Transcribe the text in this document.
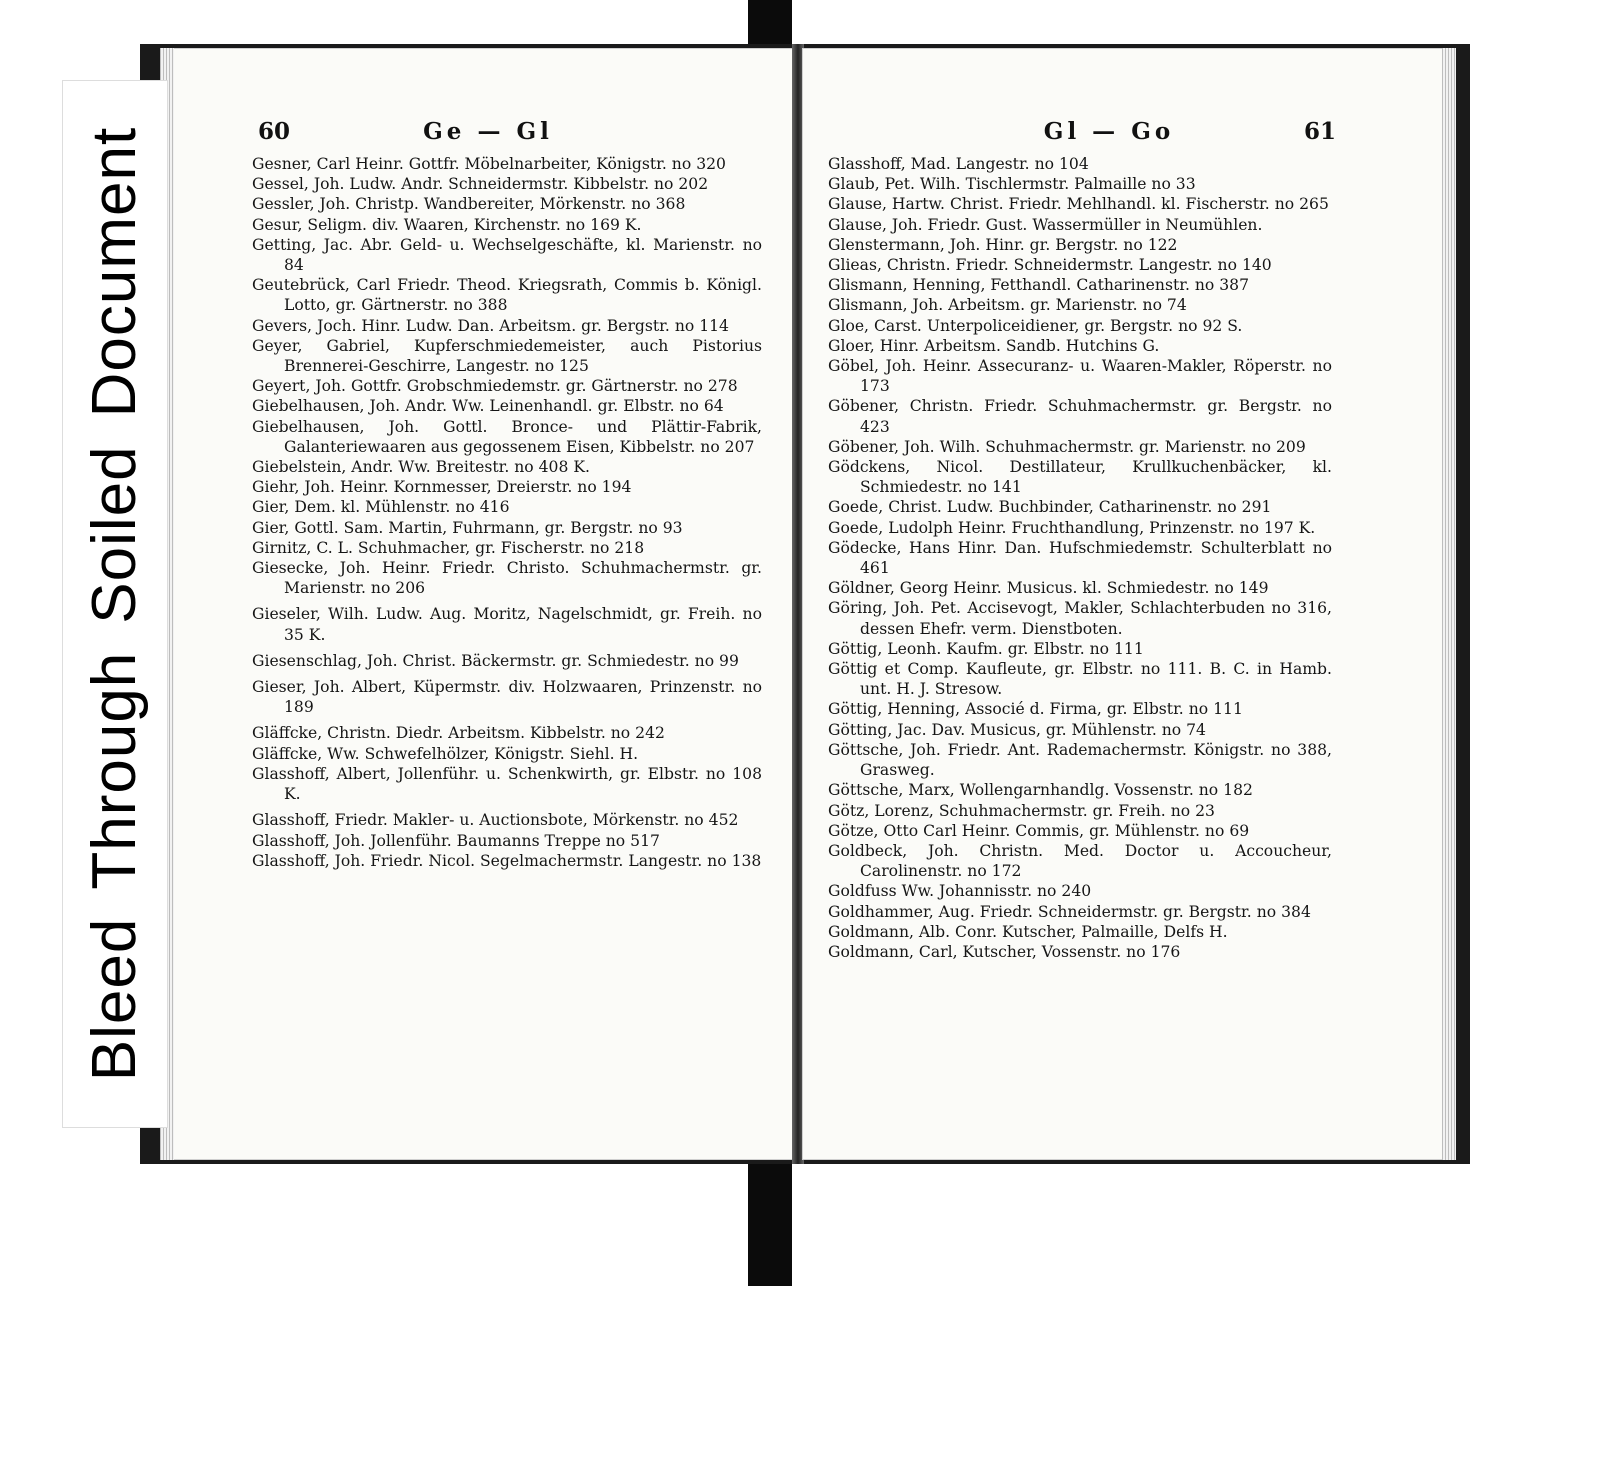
60	Ge — Gl
Gesner, Carl Heinr. Gottfr. Möbelnarbeiter, Königstr. no 320
Gessel, Joh. Ludw. Andr. Schneidermstr. Kibbelstr. no 202
Gessler, Joh. Christp. Wandbereiter, Mörkenstr. no 368
Gesur, Seligm. div. Waaren, Kirchenstr. no 169 K.
Getting, Jac. Abr. Geld- u. Wechselgeschäfte, kl. Marienstr. no 84
Geutebrück, Carl Friedr. Theod. Kriegsrath, Commis b. Königl. Lotto, gr. Gärtnerstr. no 388
Gevers, Joch. Hinr. Ludw. Dan. Arbeitsm. gr. Bergstr. no 114
Geyer, Gabriel, Kupferschmiedemeister, auch Pistorius Brennerei-Geschirre, Langestr. no 125
Geyert, Joh. Gottfr. Grobschmiedemstr. gr. Gärtnerstr. no 278
Giebelhausen, Joh. Andr. Ww. Leinenhandl. gr. Elbstr. no 64
Giebelhausen, Joh. Gottl. Bronce- und Plättir-Fabrik, Galanteriewaaren aus gegossenem Eisen, Kibbelstr. no 207
Giebelstein, Andr. Ww. Breitestr. no 408 K.
Giehr, Joh. Heinr. Kornmesser, Dreierstr. no 194
Gier, Dem. kl. Mühlenstr. no 416
Gier, Gottl. Sam. Martin, Fuhrmann, gr. Bergstr. no 93
Girnitz, C. L. Schuhmacher, gr. Fischerstr. no 218
Giesecke, Joh. Heinr. Friedr. Christo. Schuhmachermstr. gr. Marienstr. no 206
Gieseler, Wilh. Ludw. Aug. Moritz, Nagelschmidt, gr. Freih. no 35 K.
Giesenschlag, Joh. Christ. Bäckermstr. gr. Schmiedestr. no 99
Gieser, Joh. Albert, Küpermstr. div. Holzwaaren, Prinzenstr. no 189
Gläffcke, Christn. Diedr. Arbeitsm. Kibbelstr. no 242
Gläffcke, Ww. Schwefelhölzer, Königstr. Siehl. H.
Glasshoff, Albert, Jollenführ. u. Schenkwirth, gr. Elbstr. no 108 K.
Glasshoff, Friedr. Makler- u. Auctionsbote, Mörkenstr. no 452
Glasshoff, Joh. Jollenführ. Baumanns Treppe no 517
Glasshoff, Joh. Friedr. Nicol. Segelmachermstr. Langestr. no 138
Gl — Go	61
Glasshoff, Mad. Langestr. no 104
Glaub, Pet. Wilh. Tischlermstr. Palmaille no 33
Glause, Hartw. Christ. Friedr. Mehlhandl. kl. Fischerstr. no 265
Glause, Joh. Friedr. Gust. Wassermüller in Neumühlen.
Glenstermann, Joh. Hinr. gr. Bergstr. no 122
Glieas, Christn. Friedr. Schneidermstr. Langestr. no 140
Glismann, Henning, Fetthandl. Catharinenstr. no 387
Glismann, Joh. Arbeitsm. gr. Marienstr. no 74
Gloe, Carst. Unterpoliceidiener, gr. Bergstr. no 92 S.
Gloer, Hinr. Arbeitsm. Sandb. Hutchins G.
Göbel, Joh. Heinr. Assecuranz- u. Waaren-Makler, Röperstr. no 173
Göbener, Christn. Friedr. Schuhmachermstr. gr. Bergstr. no 423
Göbener, Joh. Wilh. Schuhmachermstr. gr. Marienstr. no 209
Gödckens, Nicol. Destillateur, Krullkuchenbäcker, kl. Schmiedestr. no 141
Goede, Christ. Ludw. Buchbinder, Catharinenstr. no 291
Goede, Ludolph Heinr. Fruchthandlung, Prinzenstr. no 197 K.
Gödecke, Hans Hinr. Dan. Hufschmiedemstr. Schulterblatt no 461
Göldner, Georg Heinr. Musicus. kl. Schmiedestr. no 149
Göring, Joh. Pet. Accisevogt, Makler, Schlachterbuden no 316, dessen Ehefr. verm. Dienstboten.
Göttig, Leonh. Kaufm. gr. Elbstr. no 111
Göttig et Comp. Kaufleute, gr. Elbstr. no 111. B. C. in Hamb. unt. H. J. Stresow.
Göttig, Henning, Associé d. Firma, gr. Elbstr. no 111
Götting, Jac. Dav. Musicus, gr. Mühlenstr. no 74
Göttsche, Joh. Friedr. Ant. Rademachermstr. Königstr. no 388, Grasweg.
Göttsche, Marx, Wollengarnhandlg. Vossenstr. no 182
Götz, Lorenz, Schuhmachermstr. gr. Freih. no 23
Götze, Otto Carl Heinr. Commis, gr. Mühlenstr. no 69
Goldbeck, Joh. Christn. Med. Doctor u. Accoucheur, Carolinenstr. no 172
Goldfuss Ww. Johannisstr. no 240
Goldhammer, Aug. Friedr. Schneidermstr. gr. Bergstr. no 384
Goldmann, Alb. Conr. Kutscher, Palmaille, Delfs H.
Goldmann, Carl, Kutscher, Vossenstr. no 176
BleedThroughSoiledDocument
